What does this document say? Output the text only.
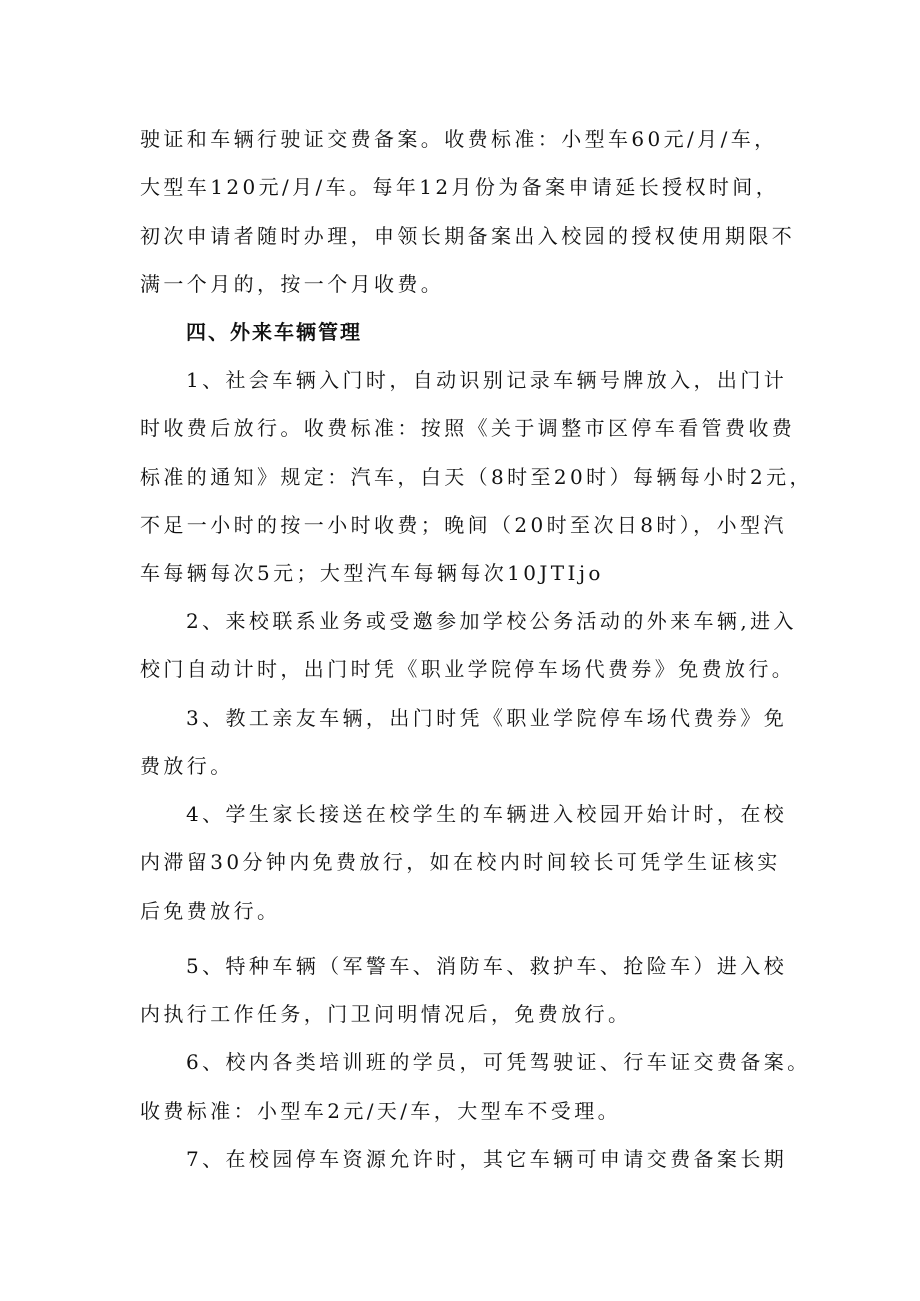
驶证和车辆行驶证交费备案。收费标准：小型车60元/月/车，
大型车120元/月/车。每年12月份为备案申请延长授权时间，
初次申请者随时办理，申领长期备案出入校园的授权使用期限不
满一个月的，按一个月收费。
四、外来车辆管理
1、社会车辆入门时，自动识别记录车辆号牌放入，出门计
时收费后放行。收费标准：按照《关于调整市区停车看管费收费
标准的通知》规定：汽车，白天（8时至20时）每辆每小时2元，
不足一小时的按一小时收费；晚间（20时至次日8时），小型汽
车每辆每次5元；大型汽车每辆每次10JTIjo
2、来校联系业务或受邀参加学校公务活动的外来车辆,进入
校门自动计时，出门时凭《职业学院停车场代费券》免费放行。
3、教工亲友车辆，出门时凭《职业学院停车场代费券》免
费放行。
4、学生家长接送在校学生的车辆进入校园开始计时，在校
内滞留30分钟内免费放行，如在校内时间较长可凭学生证核实
后免费放行。
5、特种车辆（军警车、消防车、救护车、抢险车）进入校
内执行工作任务，门卫问明情况后，免费放行。
6、校内各类培训班的学员，可凭驾驶证、行车证交费备案。
收费标准：小型车2元/天/车，大型车不受理。
7、在校园停车资源允许时，其它车辆可申请交费备案长期
